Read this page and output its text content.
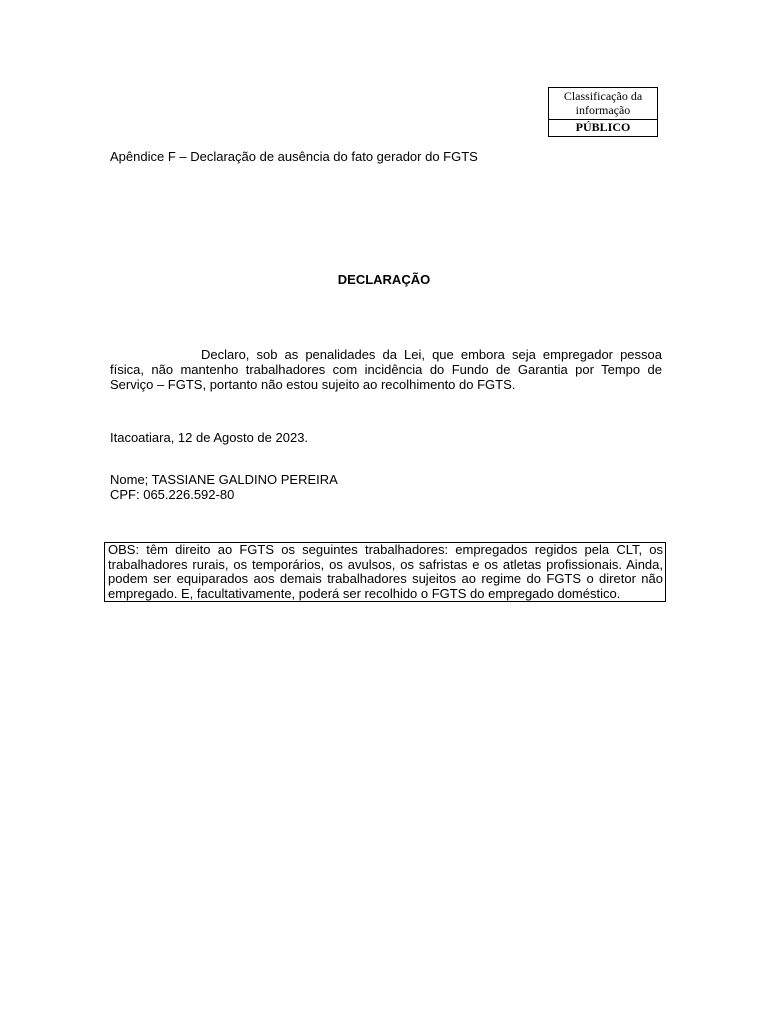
Classificação da informação
PÚBLICO
Apêndice F – Declaração de ausência do fato gerador do FGTS
DECLARAÇÃO

Declaro, sob as penalidades da Lei, que embora seja empregador pessoa física, não mantenho trabalhadores com incidência do Fundo de Garantia por Tempo de Serviço – FGTS, portanto não estou sujeito ao recolhimento do FGTS.

Itacoatiara, 12 de Agosto de 2023.
Nome; TASSIANE GALDINO PEREIRA
CPF: 065.226.592-80
OBS: têm direito ao FGTS os seguintes trabalhadores: empregados regidos pela CLT, os trabalhadores rurais, os temporários, os avulsos, os safristas e os atletas profissionais. Ainda, podem ser equiparados aos demais trabalhadores sujeitos ao regime do FGTS o diretor não empregado. E, facultativamente, poderá ser recolhido o FGTS do empregado doméstico.
